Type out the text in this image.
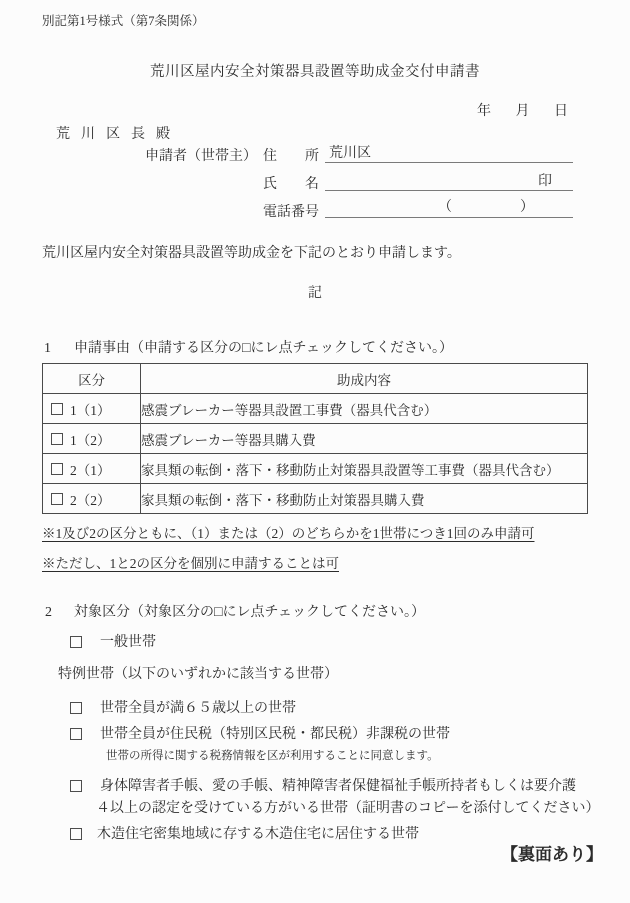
別記第1号様式（第7条関係）
荒川区屋内安全対策器具設置等助成金交付申請書
年 月 日
荒川区長殿
申請者（世帯主） 住　　所 荒川区
氏　　名	印
電話番号	（	）
荒川区屋内安全対策器具設置等助成金を下記のとおり申請します。
記
1 申請事由（申請する区分の□にレ点チェックしてください。）
区分	助成内容

1（1）	感震ブレーカー等器具設置工事費（器具代含む）

1（2）	感震ブレーカー等器具購入費

2（1）	家具類の転倒・落下・移動防止対策器具設置等工事費（器具代含む）

2（2）	家具類の転倒・落下・移動防止対策器具購入費
※1及び2の区分ともに、（1）または（2）のどちらかを1世帯につき1回のみ申請可
※ただし、1と2の区分を個別に申請することは可
2 対象区分（対象区分の□にレ点チェックしてください。）
一般世帯
特例世帯（以下のいずれかに該当する世帯）
世帯全員が満６５歳以上の世帯
世帯全員が住民税（特別区民税・都民税）非課税の世帯
世帯の所得に関する税務情報を区が利用することに同意します。
身体障害者手帳、愛の手帳、精神障害者保健福祉手帳所持者もしくは要介護
４以上の認定を受けている方がいる世帯（証明書のコピーを添付してください）
木造住宅密集地域に存する木造住宅に居住する世帯
【裏面あり】
